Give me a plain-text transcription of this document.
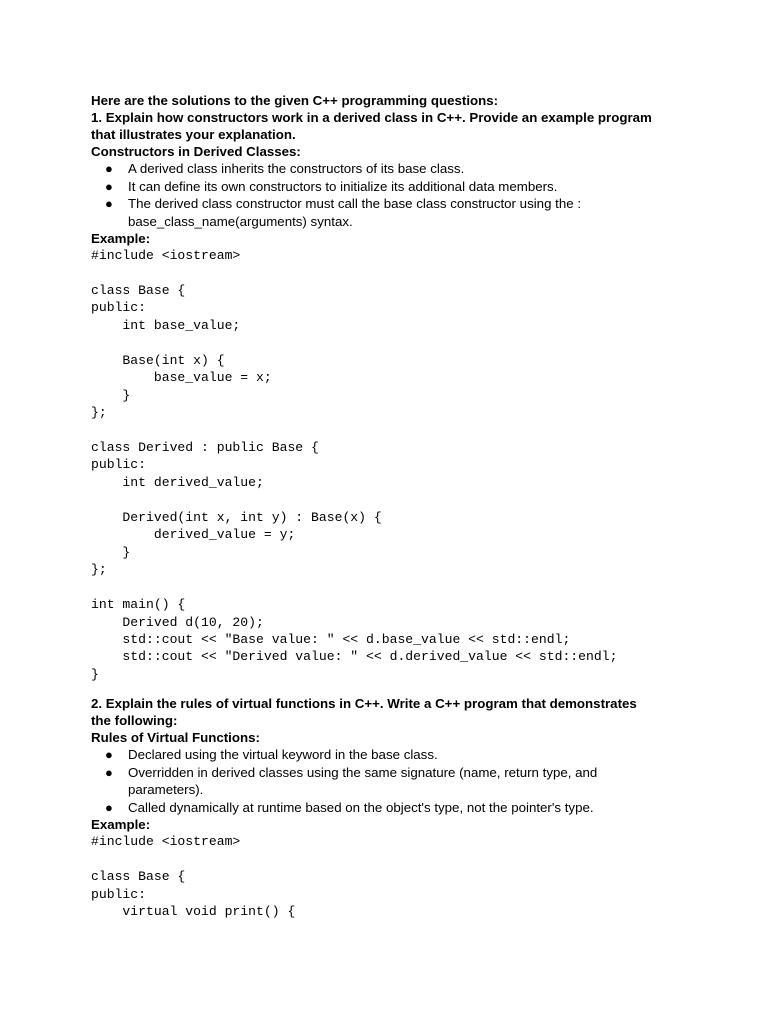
Here are the solutions to the given C++ programming questions:

1. Explain how constructors work in a derived class in C++. Provide an example program

that illustrates your explanation.

Constructors in Derived Classes:

● A derived class inherits the constructors of its base class.
● It can define its own constructors to initialize its additional data members.
● The derived class constructor must call the base class constructor using the :
base_class_name(arguments) syntax.

Example:

#include <iostream>

class Base {
public:
int base_value;

Base(int x) {
base_value = x;
}
};

class Derived : public Base {
public:
int derived_value;

Derived(int x, int y) : Base(x) {
derived_value = y;
}
};

int main() {
Derived d(10, 20);
std::cout << "Base value: " << d.base_value << std::endl;
std::cout << "Derived value: " << d.derived_value << std::endl;
}

2. Explain the rules of virtual functions in C++. Write a C++ program that demonstrates

the following:

Rules of Virtual Functions:

● Declared using the virtual keyword in the base class.
● Overridden in derived classes using the same signature (name, return type, and
parameters).
● Called dynamically at runtime based on the object's type, not the pointer's type.

Example:

#include <iostream>

class Base {
public:
virtual void print() {
